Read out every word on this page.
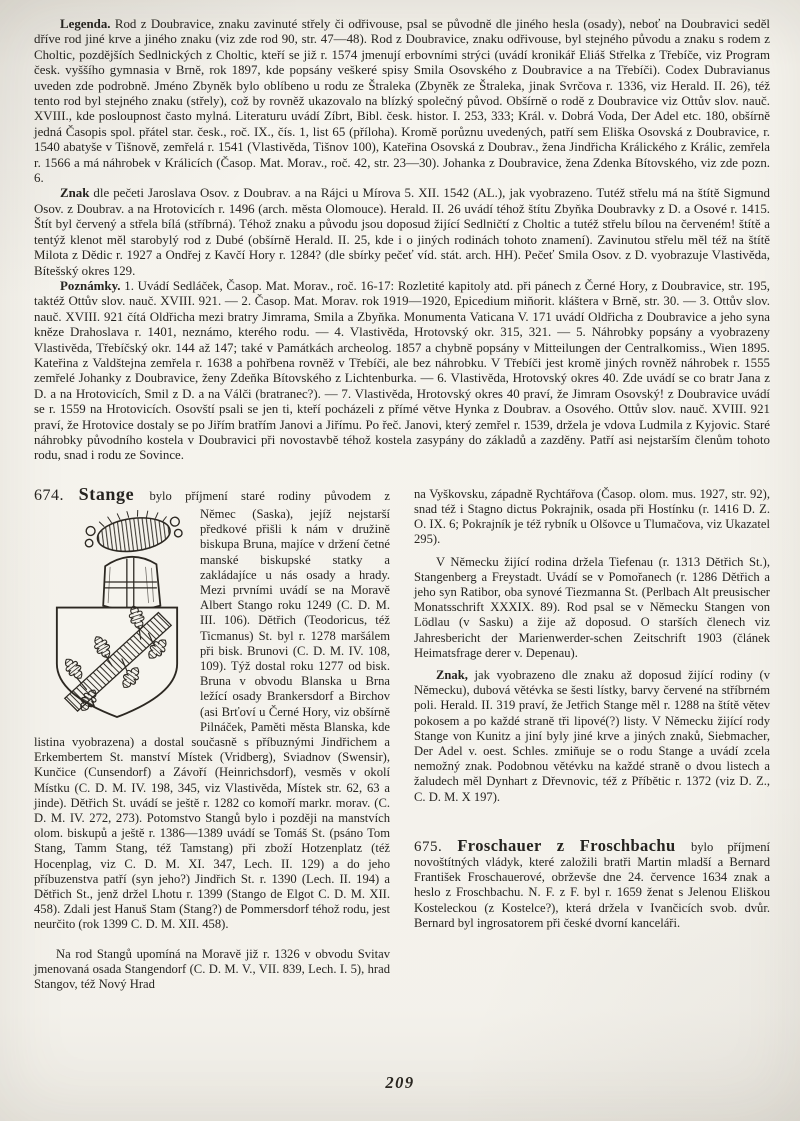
Legenda. Rod z Doubravice, znaku zavinuté střely či odřivouse, psal se původně dle jiného hesla (osady), neboť na Doubravici seděl dříve rod jiné krve a jiného znaku (viz zde rod 90, str. 47—48). Rod z Doubravice, znaku odřivouse, byl stejného původu a znaku s rodem z Choltic, pozdějších Sedlnických z Choltic, kteří se již r. 1574 jmenují erbovními strýci (uvádí kronikář Eliáš Střelka z Třebíče, viz Program česk. vyššího gymnasia v Brně, rok 1897, kde popsány veškeré spisy Smila Osovského z Doubravice a na Třebíči). Codex Dubravianus uveden zde podrobně. Jméno Zbyněk bylo oblíbeno u rodu ze Štraleka (Zbyněk ze Štraleka, jinak Svrčova r. 1336, viz Herald. II. 26), též tento rod byl stejného znaku (střely), což by rovněž ukazovalo na blízký společný původ. Obšírně o rodě z Doubravice viz Ottův slov. nauč. XVIII., kde posloupnost často mylná. Literaturu uvádí Zíbrt, Bibl. česk. histor. I. 253, 333; Král. v. Dobrá Voda, Der Adel etc. 180, obšírně jedná Časopis spol. přátel star. česk., roč. IX., čís. 1, list 65 (příloha). Kromě porůznu uvedených, patří sem Eliška Osovská z Doubravice, r. 1540 abatyše v Tišnově, zemřelá r. 1541 (Vlastivěda, Tišnov 100), Kateřina Osovská z Doubrav., žena Jindřicha Králického z Králic, zemřela r. 1566 a má náhrobek v Králicích (Časop. Mat. Morav., roč. 42, str. 23—30). Johanka z Doubravice, žena Zdenka Bítovského, viz zde pozn. 6.

Znak dle pečeti Jaroslava Osov. z Doubrav. a na Rájci u Mírova 5. XII. 1542 (AL.), jak vyobrazeno. Tutéž střelu má na štítě Sigmund Osov. z Doubrav. a na Hrotovicích r. 1496 (arch. města Olomouce). Herald. II. 26 uvádí téhož štítu Zbyňka Doubravky z D. a Osové r. 1415. Štít byl červený a střela bílá (stříbrná). Téhož znaku a původu jsou doposud žijící Sedlničtí z Choltic a tutéž střelu bílou na červeném! štítě a tentýž klenot měl starobylý rod z Dubé (obšírně Herald. II. 25, kde i o jiných rodinách tohoto znamení). Zavinutou střelu měl též na štítě Milota z Dědic r. 1927 a Ondřej z Kavčí Hory r. 1284? (dle sbírky pečeť víd. stát. arch. HH). Pečeť Smila Osov. z D. vyobrazuje Vlastivěda, Bítešský okres 129.

Poznámky. 1. Uvádí Sedláček, Časop. Mat. Morav., roč. 16-17: Rozletité kapitoly atd. při pánech z Černé Hory, z Doubravice, str. 195, taktéž Ottův slov. nauč. XVIII. 921. — 2. Časop. Mat. Morav. rok 1919—1920, Epicedium miňorit. kláštera v Brně, str. 30. — 3. Ottův slov. nauč. XVIII. 921 čítá Oldřicha mezi bratry Jimrama, Smila a Zbyňka. Monumenta Vaticana V. 171 uvádí Oldřicha z Doubravice a jeho syna kněze Drahoslava r. 1401, neznámo, kterého rodu. — 4. Vlastivěda, Hrotovský okr. 315, 321. — 5. Náhrobky popsány a vyobrazeny Vlastivěda, Třebíčský okr. 144 až 147; také v Památkách archeolog. 1857 a chybně popsány v Mitteilungen der Centralkomiss., Wien 1895. Kateřina z Valdštejna zemřela r. 1638 a pohřbena rovněž v Třebíči, ale bez náhrobku. V Třebíči jest kromě jiných rovněž náhrobek r. 1555 zemřelé Johanky z Doubravice, ženy Zdeňka Bítovského z Lichtenburka. — 6. Vlastivěda, Hrotovský okres 40. Zde uvádí se co bratr Jana z D. a na Hrotovicích, Smil z D. a na Válči (bratranec?). — 7. Vlastivěda, Hrotovský okres 40 praví, že Jimram Osovský! z Doubravice uvádí se r. 1559 na Hrotovicích. Osovští psali se jen ti, kteří pocházeli z přímé větve Hynka z Doubrav. a Osového. Ottův slov. nauč. XVIII. 921 praví, že Hrotovice dostaly se po Jiřím bratřím Janovi a Jiřímu. Po řeč. Janovi, který zemřel r. 1539, držela je vdova Ludmila z Kyjovic. Staré náhrobky původního kostela v Doubravici při novostavbě téhož kostela zasypány do základů a zazděny. Patří asi nejstarším členům tohoto rodu, snad i rodu ze Sovince.

674. Stange bylo příjmení staré rodiny původem z
Němec (Saska), jejíž nejstarší předkové přišli k nám v družině biskupa Bruna, majíce v držení četné manské biskupské statky a zakládajíce u nás osady a hrady. Mezi prvními uvádí se na Moravě Albert Stango roku 1249 (C. D. M. III. 106). Dětřich (Teodoricus, též Ticmanus) St. byl r. 1278 maršálem při bisk. Brunovi (C. D. M. IV. 108, 109). Týž dostal roku 1277 od bisk. Bruna v obvodu Blanska u Brna ležící osady Brankersdorf a Birchov (asi Brťoví u Černé Hory, viz obšírně Pilnáček, Paměti města Blanska, kde listina vyobrazena) a dostal současně s příbuznými Jindřichem a Erkembertem St. manství Místek (Vridberg), Sviadnov (Swensir), Kunčice (Cunsendorf) a Závoří (Heinrichsdorf), vesměs v okolí Místku (C. D. M. IV. 198, 345, viz Vlastivěda, Místek str. 62, 63 a jinde). Dětřich St. uvádí se ještě r. 1282 co komoří markr. morav. (C. D. M. IV. 272, 273). Potomstvo Stangů bylo i později na manstvích olom. biskupů a ještě r. 1386—1389 uvádí se Tomáš St. (psáno Tom Stang, Tamm Stang, též Tamstang) při zboží Hotzenplatz (též Hocenplag, viz C. D. M. XI. 347, Lech. II. 129) a do jeho příbuzenstva patří (syn jeho?) Jindřich St. r. 1390 (Lech. II. 194) a Dětřich St., jenž držel Lhotu r. 1399 (Stango de Elgot C. D. M. XII. 458). Zdali jest Hanuš Stam (Stang?) de Pommersdorf téhož rodu, jest neurčito (rok 1399 C. D. M. XII. 458).

Na rod Stangů upomíná na Moravě již r. 1326 v obvodu Svitav jmenovaná osada Stangendorf (C. D. M. V., VII. 839, Lech. I. 5), hrad Stangov, též Nový Hrad

na Vyškovsku, západně Rychtářova (Časop. olom. mus. 1927, str. 92), snad též i Stagno dictus Pokrajnik, osada při Hostínku (r. 1416 D. Z. O. IX. 6; Pokrajník je též rybník u Olšovce u Tlumačova, viz Ukazatel 295).

V Německu žijící rodina držela Tiefenau (r. 1313 Dětřich St.), Stangenberg a Freystadt. Uvádí se v Pomořanech (r. 1286 Dětřich a jeho syn Ratibor, oba synové Tiezmanna St. (Perlbach Alt preusischer Monatsschrift XXXIX. 89). Rod psal se v Německu Stangen von Lödlau (v Sasku) a žije až doposud. O starších členech viz Jahresbericht der Marienwerder-schen Zeitschrift 1903 (článek Heimatsfrage derer v. Depenau).

Znak, jak vyobrazeno dle znaku až doposud žijící rodiny (v Německu), dubová větévka se šesti lístky, barvy červené na stříbrném poli. Herald. II. 319 praví, že Jetřich Stange měl r. 1288 na štítě větev pokosem a po každé straně tři lipové(?) listy. V Německu žijící rody Stange von Kunitz a jiní byly jiné krve a jiných znaků, Siebmacher, Der Adel v. oest. Schles. zmiňuje se o rodu Stange a uvádí zcela nemožný znak. Podobnou větévku na každé straně o dvou listech a žaludech měl Dynhart z Dřevnovic, též z Příbětic r. 1372 (viz D. Z., C. D. M. X 197).

675. Froschauer z Froschbachu bylo příjmení novoštítných vládyk, které založili bratři Martin mladší a Bernard František Froschauerové, obrževše dne 24. července 1634 znak a heslo z Froschbachu. N. F. z F. byl r. 1659 ženat s Jelenou Eliškou Kosteleckou (z Kostelce?), která držela v Ivančicích svob. dvůr. Bernard byl ingrosatorem při české dvorní kanceláři.

209
